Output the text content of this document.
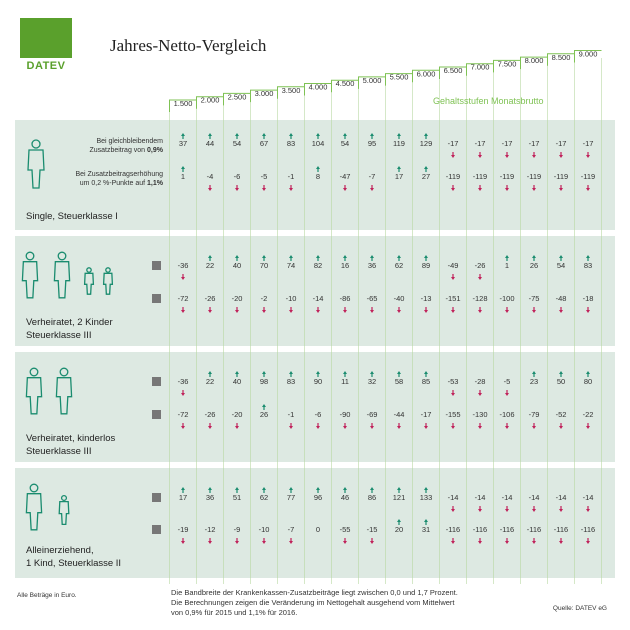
DATEV
Jahres-Netto-Vergleich
1.500 2.000 2.500 3.000 3.500 4.000 4.500 5.000 5.500 6.000 6.500 7.000 7.500 8.000 8.500 9.000
Gehaltsstufen Monatsbrutto
37 44 54 67 83 104 54 95 119 129 -17 -17 -17 -17 -17 -17
1	-4	-6	-5	-1	8	-47 -7	17 27 -119 -119 -119 -119 -119 -119
-36 22 40 70 74 82 16 36 62 89 -49 -26	1	26 54 83
-72 -26 -20 -2 -10 -14 -86 -65 -40 -13 -151 -128 -100 -75 -48 -18
-36 22 40 98 83 90	11	32 58 85 -53 -28 -5	23 50 80
-72 -26 -20 26	-1	-6 -90 -69 -44 -17 -155 -130 -106 -79 -52 -22
17 36 51 62 77 96 46 86 121 133 -14 -14 -14 -14 -14 -14
-19 -12 -9 -10 -7	0	-55 -15 20 31 -116 -116 -116 -116 -116 -116
Bei gleichbleibendem
Zusatzbeitrag von 0,9%
Bei Zusatzbeitragserhöhung
um 0,2 %-Punkte auf 1,1%
Single, Steuerklasse I
Verheiratet, 2 Kinder
Steuerklasse III
Verheiratet, kinderlos
Steuerklasse III
Alleinerziehend,
1 Kind, Steuerklasse II
Alle Beträge in Euro.	Die Bandbreite der Krankenkassen-Zusatzbeiträge liegt zwischen 0,0 und 1,7 Prozent.
Die Berechnungen zeigen die Veränderung im Nettogehalt ausgehend vom Mittelwert
von 0,9% für 2015 und 1,1% für 2016.	Quelle: DATEV eG
